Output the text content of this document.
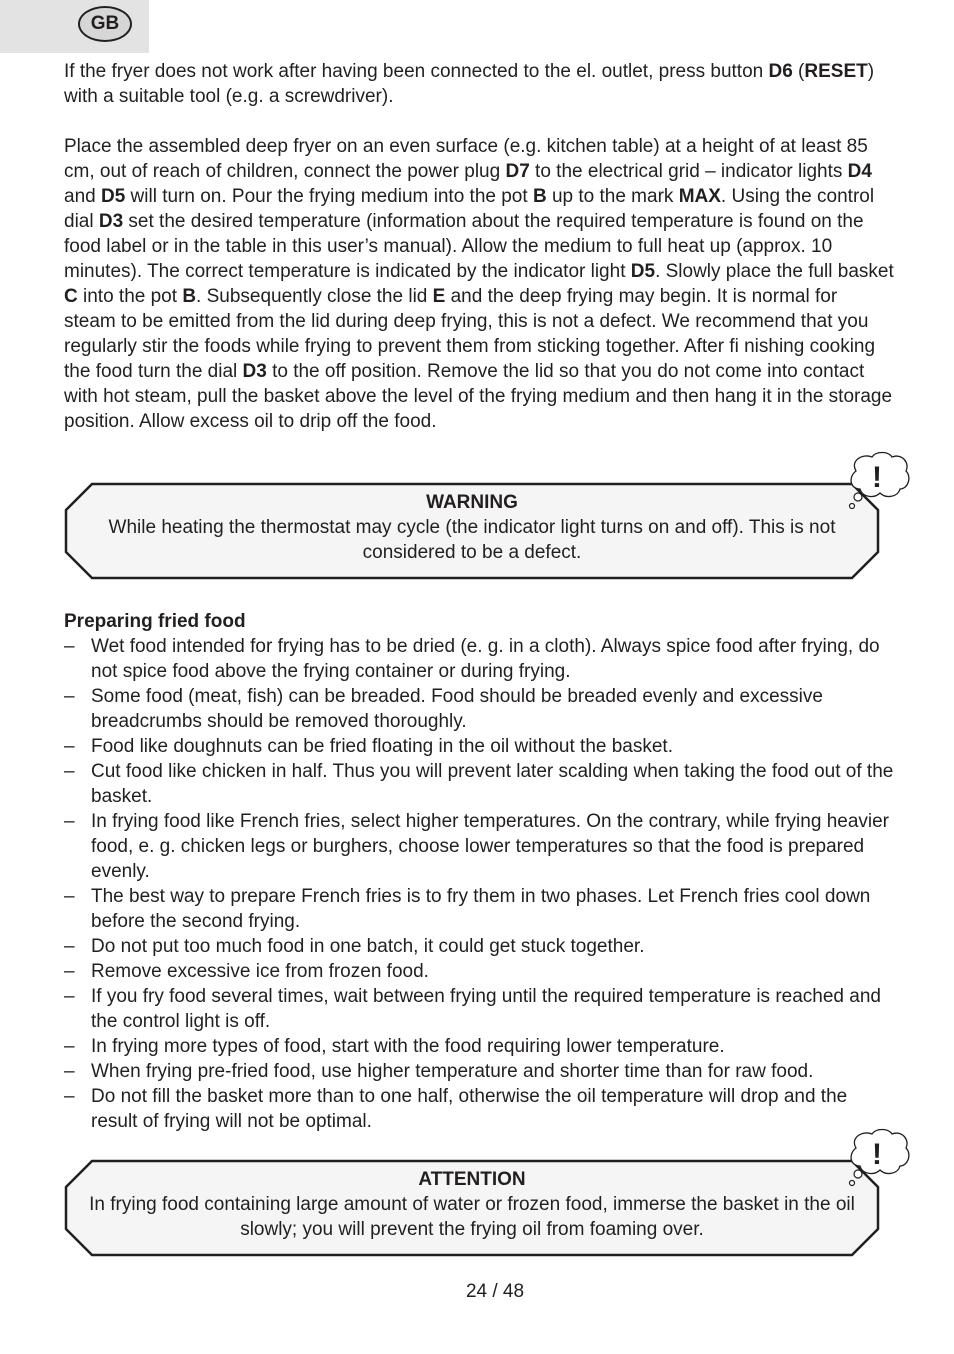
GB

If the fryer does not work after having been connected to the el. outlet, press button D6 (RESET) with a suitable tool (e.g. a screwdriver).

Place the assembled deep fryer on an even surface (e.g. kitchen table) at a height of at least 85 cm, out of reach of children, connect the power plug D7 to the electrical grid – indicator lights D4 and D5 will turn on. Pour the frying medium into the pot B up to the mark MAX. Using the control dial D3 set the desired temperature (information about the required temperature is found on the food label or in the table in this user’s manual). Allow the medium to full heat up (approx. 10 minutes). The correct temperature is indicated by the indicator light D5. Slowly place the full basket C into the pot B. Subsequently close the lid E and the deep frying may begin. It is normal for steam to be emitted from the lid during deep frying, this is not a defect. We recommend that you regularly stir the foods while frying to prevent them from sticking together. After fi nishing cooking the food turn the dial D3 to the off position. Remove the lid so that you do not come into contact with hot steam, pull the basket above the level of the frying medium and then hang it in the storage position. Allow excess oil to drip off the food.

WARNING
While heating the thermostat may cycle (the indicator light turns on and off). This is not considered to be a defect.
!
Preparing fried food
– Wet food intended for frying has to be dried (e. g. in a cloth). Always spice food after frying, do not spice food above the frying container or during frying.
– Some food (meat, fish) can be breaded. Food should be breaded evenly and excessive breadcrumbs should be removed thoroughly.
– Food like doughnuts can be fried floating in the oil without the basket.
– Cut food like chicken in half. Thus you will prevent later scalding when taking the food out of the basket.
– In frying food like French fries, select higher temperatures. On the contrary, while frying heavier food, e. g. chicken legs or burghers, choose lower temperatures so that the food is prepared evenly.
– The best way to prepare French fries is to fry them in two phases. Let French fries cool down before the second frying.
– Do not put too much food in one batch, it could get stuck together.
– Remove excessive ice from frozen food.
– If you fry food several times, wait between frying until the required temperature is reached and the control light is off.
– In frying more types of food, start with the food requiring lower temperature.
– When frying pre-fried food, use higher temperature and shorter time than for raw food.
– Do not fill the basket more than to one half, otherwise the oil temperature will drop and the result of frying will not be optimal.
ATTENTION
In frying food containing large amount of water or frozen food, immerse the basket in the oil slowly; you will prevent the frying oil from foaming over.
!
24 / 48
